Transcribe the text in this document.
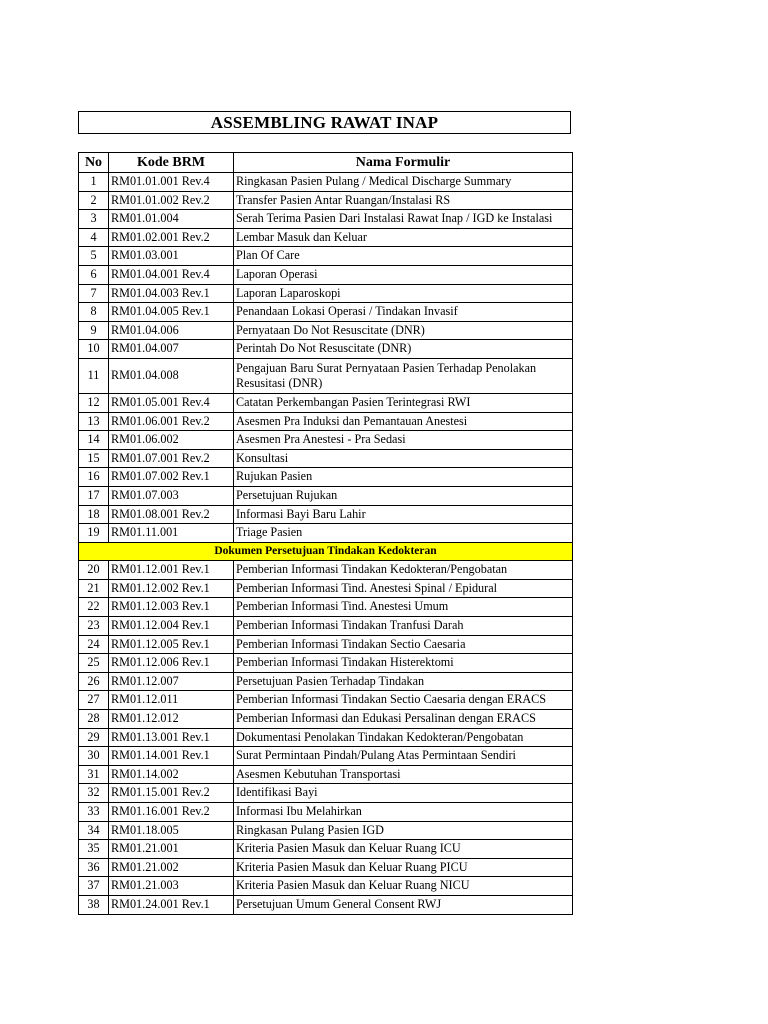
ASSEMBLING RAWAT INAP
No	Kode BRM	Nama Formulir
1	RM01.01.001 Rev.4	Ringkasan Pasien Pulang / Medical Discharge Summary
2	RM01.01.002 Rev.2	Transfer Pasien Antar Ruangan/Instalasi RS
3	RM01.01.004	Serah Terima Pasien Dari Instalasi Rawat Inap / IGD ke Instalasi
4	RM01.02.001 Rev.2	Lembar Masuk dan Keluar
5	RM01.03.001	Plan Of Care
6	RM01.04.001 Rev.4	Laporan Operasi
7	RM01.04.003 Rev.1	Laporan Laparoskopi
8	RM01.04.005 Rev.1	Penandaan Lokasi Operasi / Tindakan Invasif
9	RM01.04.006	Pernyataan Do Not Resuscitate (DNR)
10	RM01.04.007	Perintah Do Not Resuscitate (DNR)
11	RM01.04.008	Pengajuan Baru Surat Pernyataan Pasien Terhadap Penolakan Resusitasi (DNR)
12	RM01.05.001 Rev.4	Catatan Perkembangan Pasien Terintegrasi RWI
13	RM01.06.001 Rev.2	Asesmen Pra Induksi dan Pemantauan Anestesi
14	RM01.06.002	Asesmen Pra Anestesi - Pra Sedasi
15	RM01.07.001 Rev.2	Konsultasi
16	RM01.07.002 Rev.1	Rujukan Pasien
17	RM01.07.003	Persetujuan Rujukan
18	RM01.08.001 Rev.2	Informasi Bayi Baru Lahir
19	RM01.11.001	Triage Pasien
Dokumen Persetujuan Tindakan Kedokteran		
20	RM01.12.001 Rev.1	Pemberian Informasi Tindakan Kedokteran/Pengobatan
21	RM01.12.002 Rev.1	Pemberian Informasi Tind. Anestesi Spinal / Epidural
22	RM01.12.003 Rev.1	Pemberian Informasi Tind. Anestesi Umum
23	RM01.12.004 Rev.1	Pemberian Informasi Tindakan Tranfusi Darah
24	RM01.12.005 Rev.1	Pemberian Informasi Tindakan Sectio Caesaria
25	RM01.12.006 Rev.1	Pemberian Informasi Tindakan Histerektomi
26	RM01.12.007	Persetujuan Pasien Terhadap Tindakan
27	RM01.12.011	Pemberian Informasi Tindakan Sectio Caesaria dengan ERACS
28	RM01.12.012	Pemberian Informasi dan Edukasi Persalinan dengan ERACS
29	RM01.13.001 Rev.1	Dokumentasi Penolakan Tindakan Kedokteran/Pengobatan
30	RM01.14.001 Rev.1	Surat Permintaan Pindah/Pulang Atas Permintaan Sendiri
31	RM01.14.002	Asesmen Kebutuhan Transportasi
32	RM01.15.001 Rev.2	Identifikasi Bayi
33	RM01.16.001 Rev.2	Informasi Ibu Melahirkan
34	RM01.18.005	Ringkasan Pulang Pasien IGD
35	RM01.21.001	Kriteria Pasien Masuk dan Keluar Ruang ICU
36	RM01.21.002	Kriteria Pasien Masuk dan Keluar Ruang PICU
37	RM01.21.003	Kriteria Pasien Masuk dan Keluar Ruang NICU
38	RM01.24.001 Rev.1	Persetujuan Umum General Consent RWJ
